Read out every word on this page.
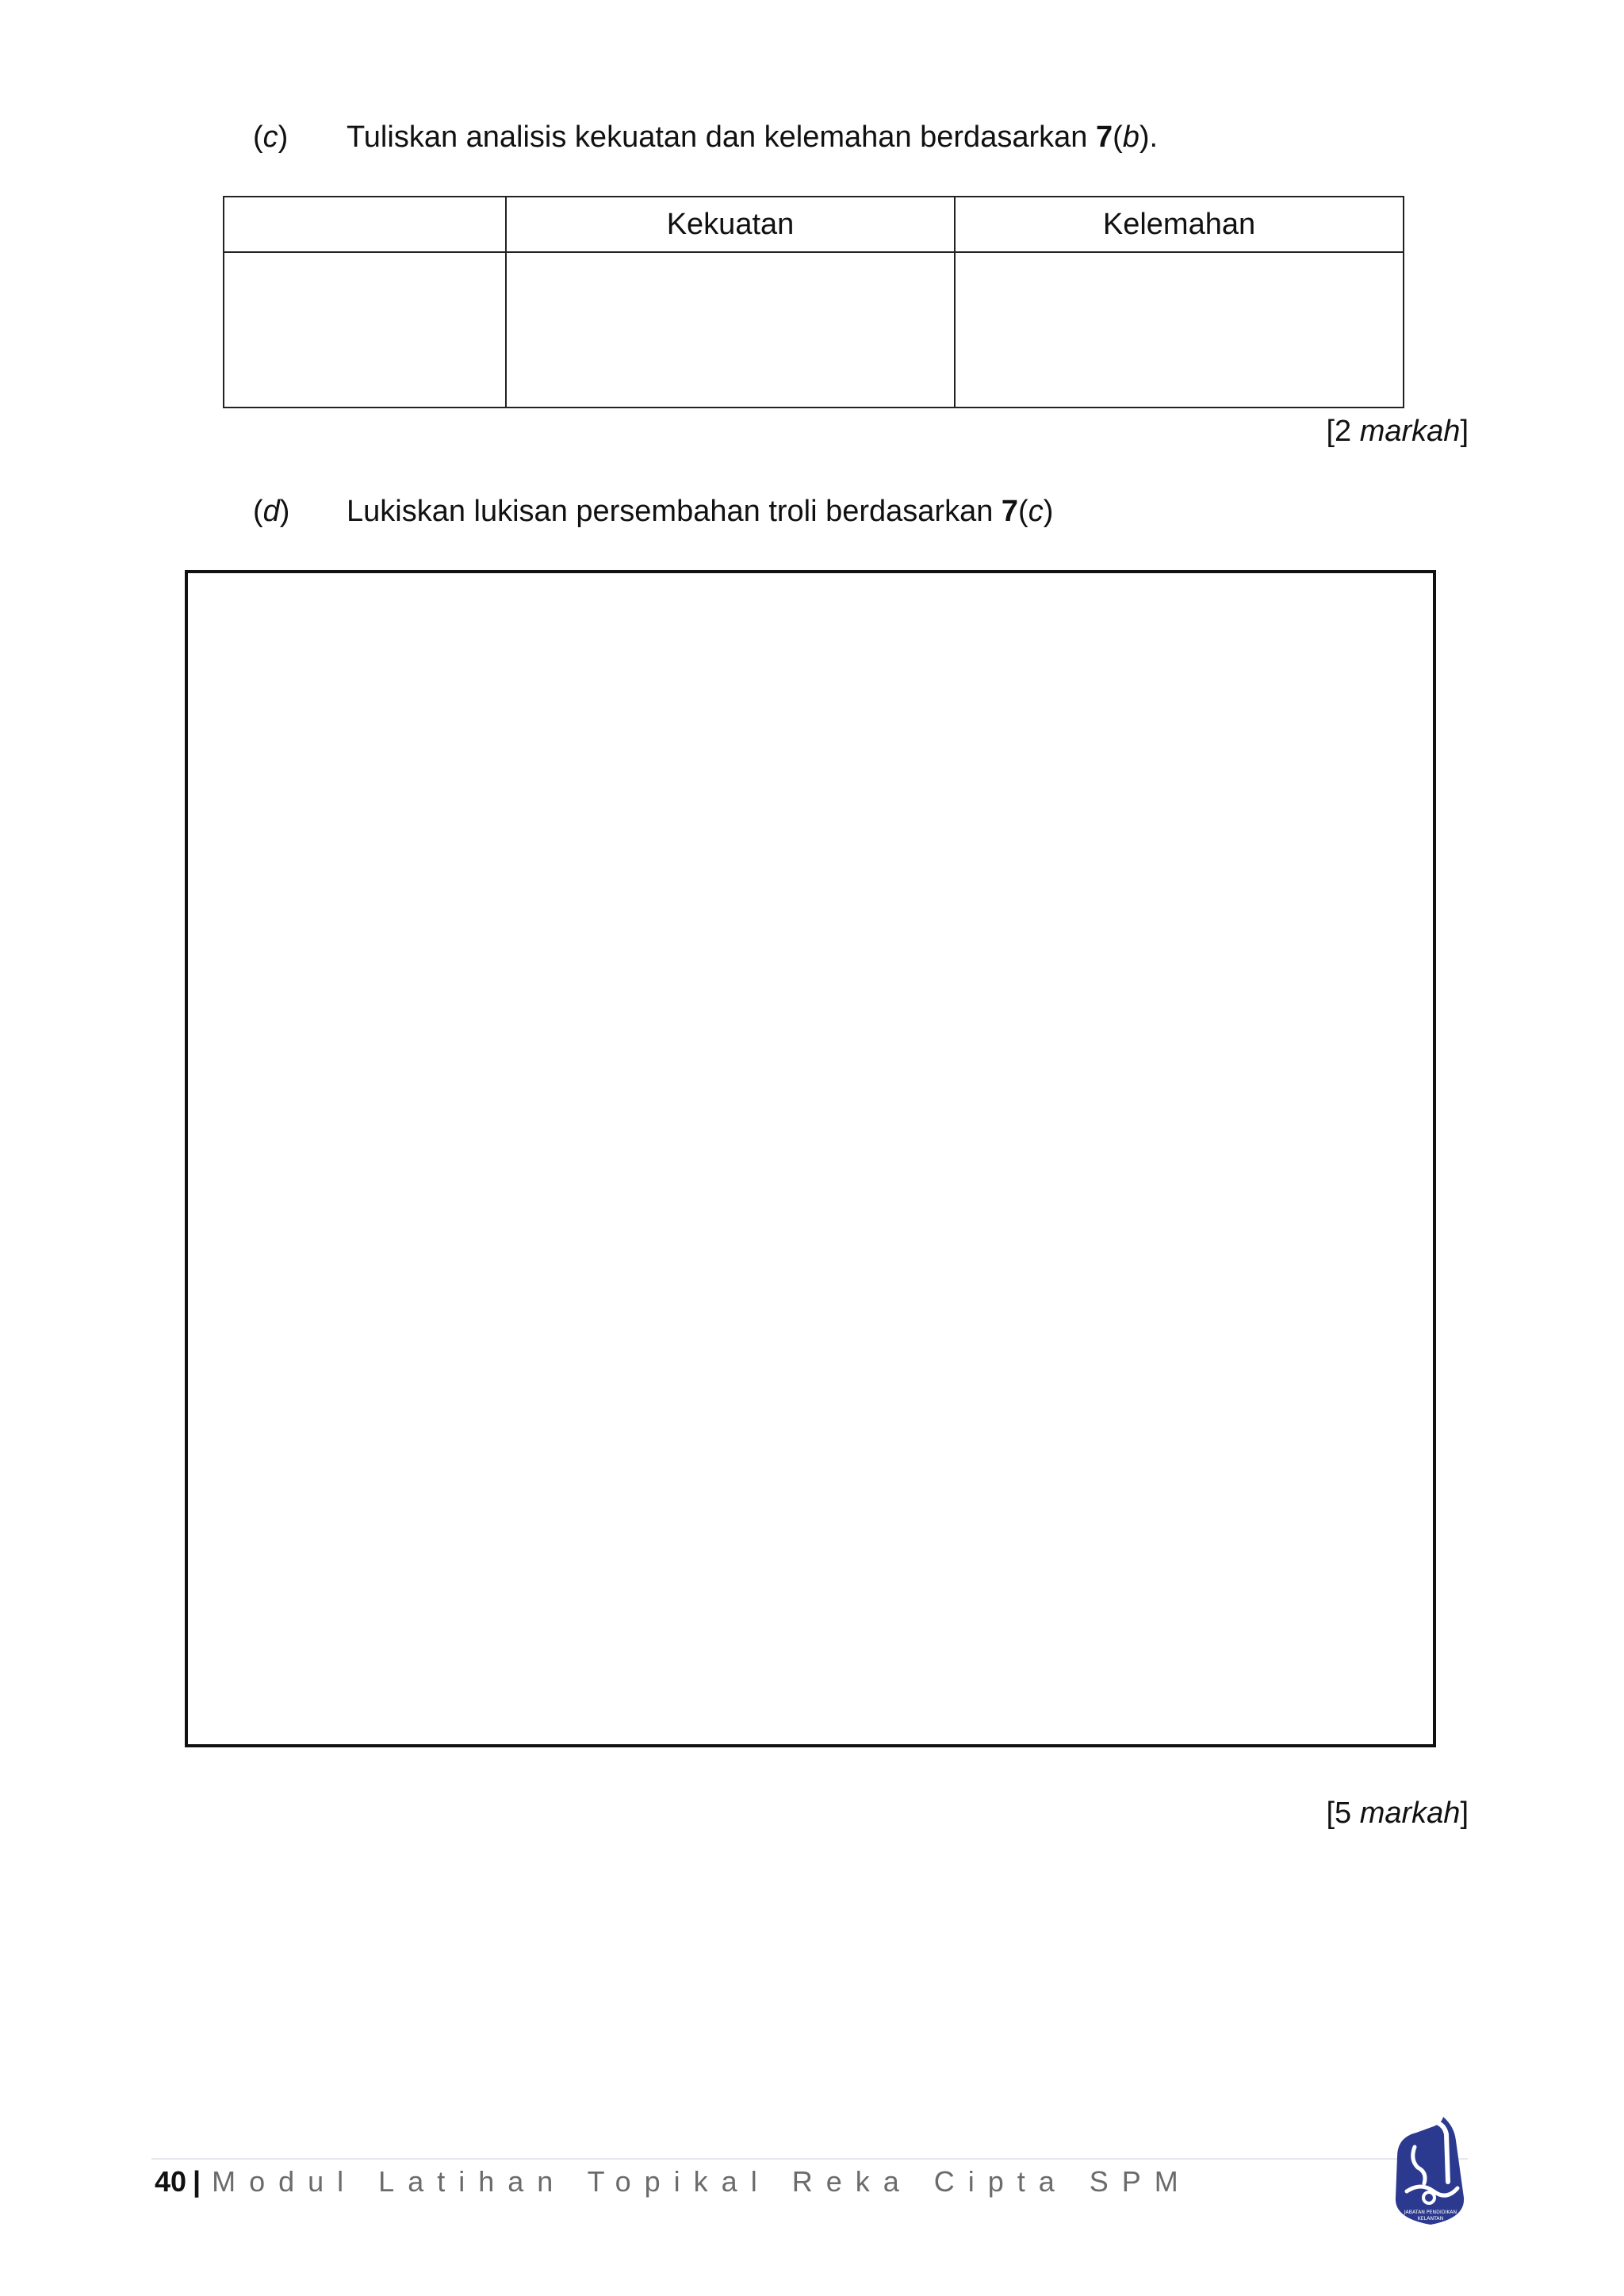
(c) Tuliskan analisis kekuatan dan kelemahan berdasarkan 7(b).
	Kekuatan	Kelemahan

[2 markah]
(d) Lukiskan lukisan persembahan troli berdasarkan 7(c)
[5 markah]
40 | Modul Latihan Topikal Reka Cipta SPM
JABATAN PENDIDIKAN
KELANTAN
